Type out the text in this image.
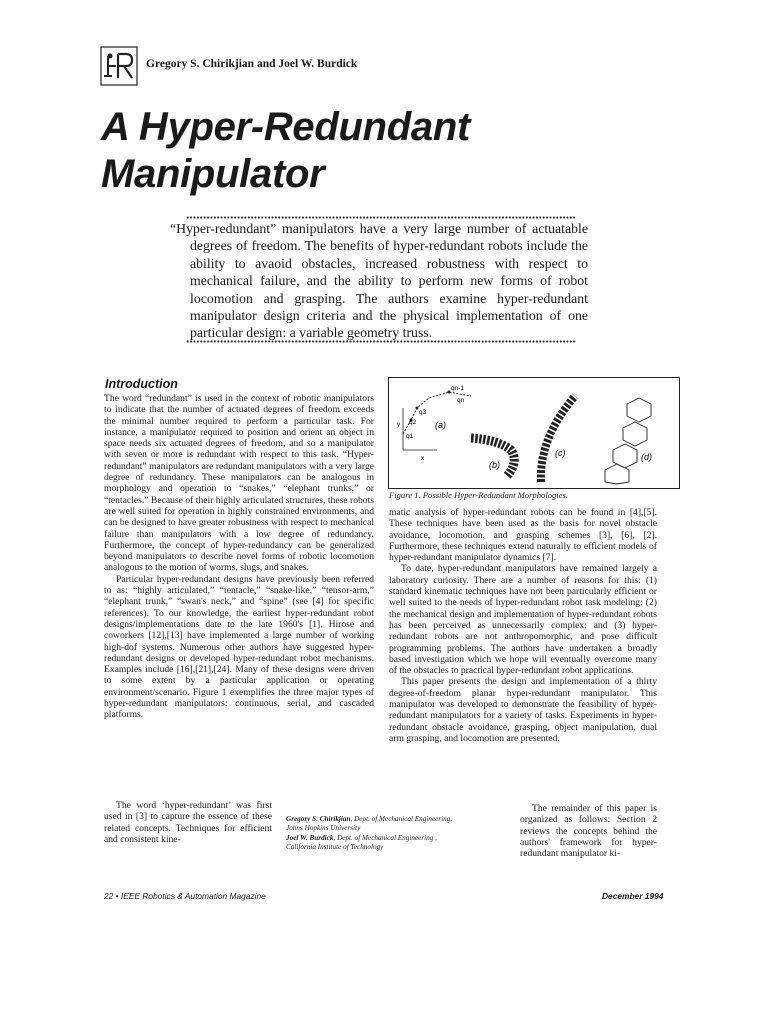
Gregory S. Chirikjian and Joel W. Burdick
A Hyper-Redundant
Manipulator

“Hyper-redundant” manipulators have a very large number of actuatable degrees of freedom. The benefits of hyper-redundant robots include the ability to avaoid obstacles, increased robustness with respect to mechanical failure, and the ability to perform new forms of robot locomotion and grasping. The authors examine hyper-redundant manipulator design criteria and the physical implementation of one particular design: a variable geometry truss.

Introduction

The word “redundant” is used in the context of robotic manipulators to indicate that the number of actuated degrees of freedom exceeds the minimal number required to perform a particular task. For instance, a manipulator required to position and orient an object in space needs six actuated degrees of freedom, and so a manipulator with seven or more is redundant with respect to this task. “Hyper-redundant” manipulators are redundant manipulators with a very large degree of redundancy. These manipulators can be analogous in morphology and operation to “snakes,” “elephant trunks,” or “tentacles.” Because of their highly articulated structures, these robots are well suited for operation in highly constrained environments, and can be designed to have greater robustness with respect to mechanical failure than manipulators with a low degree of redundancy. Furthermore, the concept of hyper-redundancy can be generalized beyond manipulators to describe novel forms of robotic locomotion analogous to the motion of worms, slugs, and snakes.

Particular hyper-redundant designs have previously been referred to as: “highly articulated,” “tentacle,” “snake-like,” “tensor-arm,” “elephant trunk,” “swan's neck,” and “spine” (see [4] for specific references). To our knowledge, the earliest hyper-redundant robot designs/implementations date to the late 1960's [1]. Hirose and coworkers [12],[13] have implemented a large number of working high-dof systems. Numerous other authors have suggested hyper-redundant designs or developed hyper-redundant robot mechanisms. Examples include [16],[21],[24]. Many of these designs were driven to some extent by a particular application or operating environment/scenario. Figure 1 exemplifies the three major types of hyper-redundant manipulators: continuous, serial, and cascaded platforms.

The word ‘hyper-redundant’ was first used in [3] to capture the essence of these related concepts. Techniques for efficient and consistent kine-

y
q1
q2
q3
qn-1
qn
x
(a)
(b)
(c)	(d)
Figure 1. Possible Hyper-Redundant Morphologies.

matic analysis of hyper-redundant robots can be found in [4],[5]. These techniques have been used as the basis for novel obstacle avoidance, locomotion, and grasping schemes [3], [6], [2]. Furthermore, these techniques extend naturally to efficient models of hyper-redundant manipulator dynamics [7].

To date, hyper-redundant manipulators have remained largely a laboratory curiosity. There are a number of reasons for this: (1) standard kinematic techniques have not been particularly efficient or well suited to the needs of hyper-redundant robot task modeling; (2) the mechanical design and implementation of hyper-redundant robots has been perceived as unnecessarily complex; and (3) hyper-redundant robots are not anthropomorphic, and pose difficult programming problems. The authors have undertaken a broadly based investigation which we hope will eventually overcome many of the obstacles to practical hyper-redundant robot applications.

This paper presents the design and implementation of a thirty degree-of-freedom planar hyper-redundant manipulator. This manipulator was developed to demonstrate the feasibility of hyper-redundant manipulators for a variety of tasks. Experiments in hyper-redundant obstacle avoidance, grasping, object manipulation, dual arm grasping, and locomotion are presented.

The remainder of this paper is organized as follows: Section 2 reviews the concepts behind the authors' framework for hyper-redundant manipulator ki-

Gregory S. Chirikjian, Dept. of Mechanical Engineering,
Johns Hopkins University
Joel W. Burdick, Dept. of Mechanical Engineering ,
California Institute of Technology
22 • IEEE Robotics & Automation Magazine	December 1994
